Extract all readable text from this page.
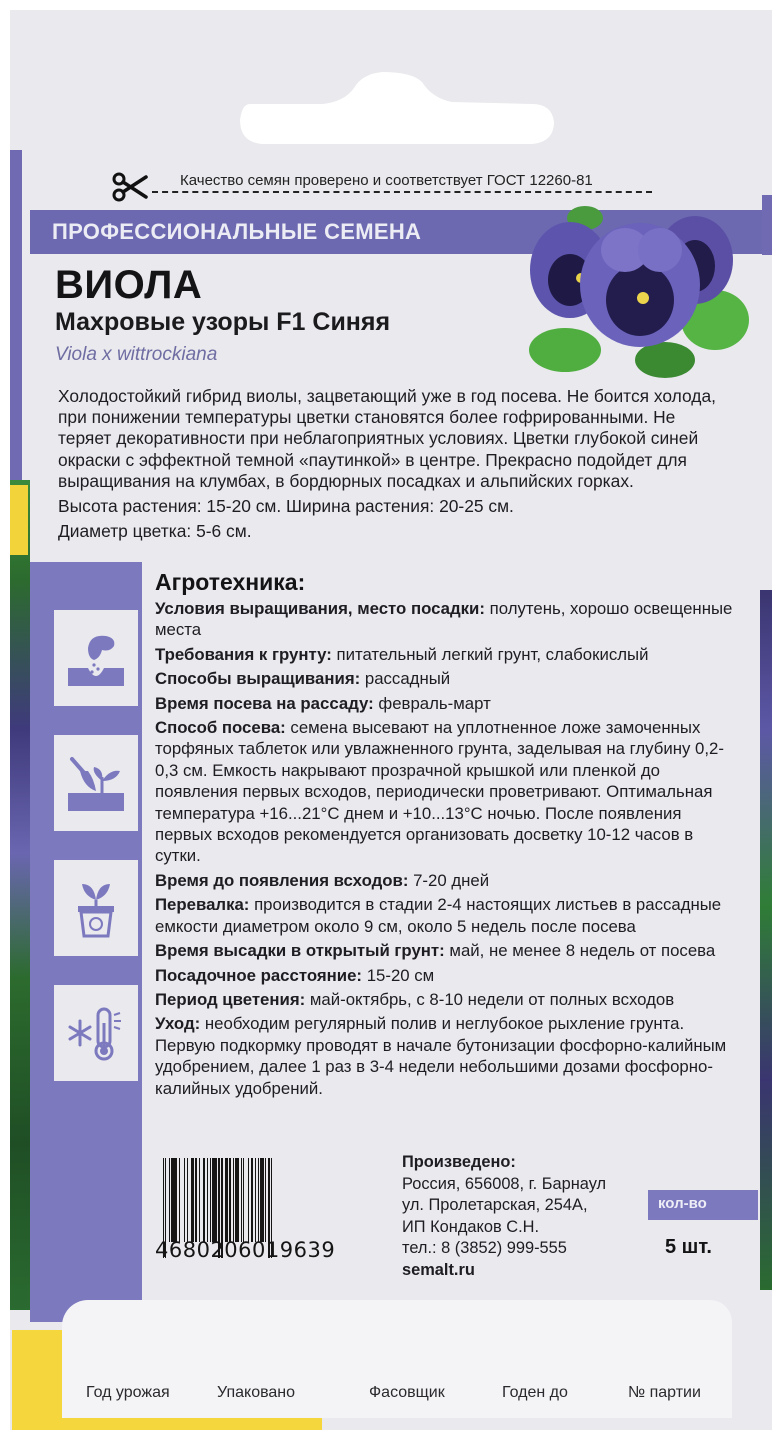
Качество семян проверено и соответствует ГОСТ 12260-81
ПРОФЕССИОНАЛЬНЫЕ СЕМЕНА
ВИОЛА
Махровые узоры F1 Синяя
Viola x wittrockiana

Холодостойкий гибрид виолы, зацветающий уже в год посева. Не боится холода, при понижении температуры цветки становятся более гофрированными. Не теряет декоративности при неблагоприятных условиях. Цветки глубокой синей окраски с эффектной темной «паутинкой» в центре. Прекрасно подойдет для выращивания на клумбах, в бордюрных посадках и альпийских горках.

Высота растения: 15-20 см. Ширина растения: 20-25 см.

Диаметр цветка: 5-6 см.

Агротехника:
Условия выращивания, место посадки: полутень, хорошо освещенные места
Требования к грунту: питательный легкий грунт, слабокислый
Способы выращивания: рассадный
Время посева на рассаду: февраль-март
Способ посева: семена высевают на уплотненное ложе замоченных торфяных таблеток или увлажненного грунта, заделывая на глубину 0,2-0,3 см. Емкость накрывают прозрачной крышкой или пленкой до появления первых всходов, периодически проветривают. Оптимальная температура +16...21°С днем и +10...13°С ночью. После появления первых всходов рекомендуется организовать досветку 10-12 часов в сутки.
Время до появления всходов: 7-20 дней
Перевалка: производится в стадии 2-4 настоящих листьев в рассадные емкости диаметром около 9 см, около 5 недель после посева
Время высадки в открытый грунт: май, не менее 8 недель от посева
Посадочное расстояние: 15-20 см
Период цветения: май-октябрь, с 8-10 недели от полных всходов
Уход: необходим регулярный полив и неглубокое рыхление грунта. Первую подкормку проводят в начале бутонизации фосфорно-калийным удобрением, далее 1 раз в 3-4 недели небольшими дозами фосфорно-калийных удобрений.
4680206019639
Произведено:
Россия, 656008, г. Барнаул
ул. Пролетарская, 254А,
ИП Кондаков С.Н.
тел.: 8 (3852) 999-555
semalt.ru
кол-во
5 шт.
Год урожая	Упаковано	Фасовщик	Годен до	№ партии
